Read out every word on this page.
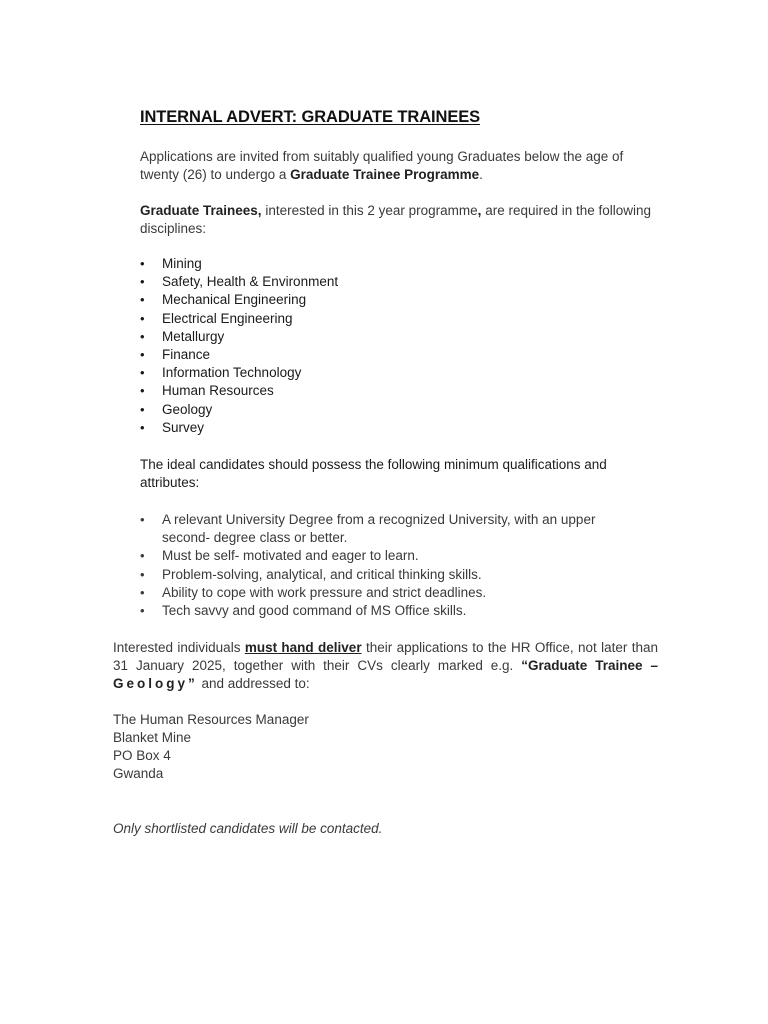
INTERNAL ADVERT: GRADUATE TRAINEES
Applications are invited from suitably qualified young Graduates below the age of twenty (26) to undergo a Graduate Trainee Programme.
Graduate Trainees, interested in this 2 year programme, are required in the following disciplines:
• Mining
• Safety, Health & Environment
• Mechanical Engineering
• Electrical Engineering
• Metallurgy
• Finance
• Information Technology
• Human Resources
• Geology
• Survey
The ideal candidates should possess the following minimum qualifications and attributes:
• A relevant University Degree from a recognized University, with an upper second- degree class or better.
• Must be self- motivated and eager to learn.
• Problem-solving, analytical, and critical thinking skills.
• Ability to cope with work pressure and strict deadlines.
• Tech savvy and good command of MS Office skills.
Interested individuals must hand deliver their applications to the HR Office, not later than 31 January 2025, together with their CVs clearly marked e.g. “Graduate Trainee – Geology” and addressed to:
The Human Resources Manager
Blanket Mine
PO Box 4
Gwanda
Only shortlisted candidates will be contacted.
